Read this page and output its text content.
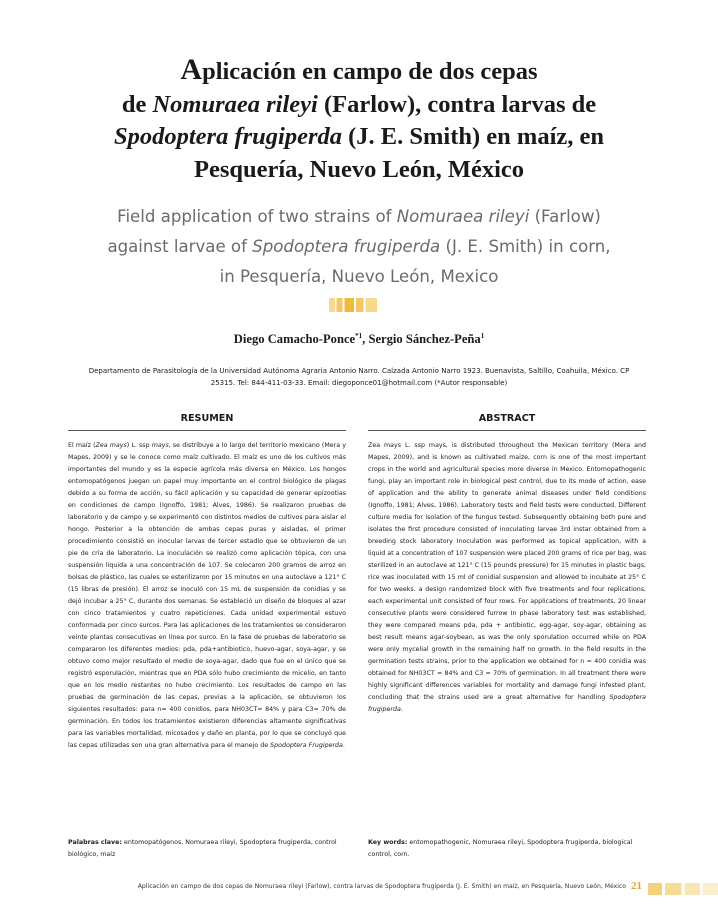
Aplicación en campo de dos cepas
de Nomuraea rileyi (Farlow), contra larvas de
Spodoptera frugiperda (J. E. Smith) en maíz, en
Pesquería, Nuevo León, México
Field application of two strains of Nomuraea rileyi (Farlow)
against larvae of Spodoptera frugiperda (J. E. Smith) in corn,
in Pesquería, Nuevo León, Mexico
Diego Camacho-Ponce$^{*1}$, Sergio Sánchez-Peña$^1$
Departamento de Parasitología de la Universidad Autónoma Agraria Antonio Narro. Calzada Antonio Narro 1923. Buenavista, Saltillo, Coahuila, México. CP
25315. Tel: 844-411-03-33. Email: diegoponce01@hotmail.com (*Autor responsable)
RESUMEN	ABSTRACT
El maíz (Zea mays) L. ssp mays, se distribuye a lo largo del territorio mexicano (Mera y Mapes, 2009) y se le conoce como maíz cultivado. El maíz es uno de los cultivos más importantes del mundo y es la especie agrícola más diversa en México. Los hongos entomopatógenos juegan un papel muy importante en el control biológico de plagas debido a su forma de acción, su fácil aplicación y su capacidad de generar epizootias en condiciones de campo (Ignoffo, 1981; Alves, 1986). Se realizaron pruebas de laboratorio y de campo y se experimentó con distintos medios de cultivos para aislar el hongo. Posterior a la obtención de ambas cepas puras y aisladas, el primer procedimiento consistió en inocular larvas de tercer estadio que se obtuvieron de un pie de cría de laboratorio. La inoculación se realizó como aplicación tópica, con una suspensión líquida a una concentración de 107. Se colocaron 200 gramos de arroz en bolsas de plástico, las cuales se esterilizaron por 15 minutos en una autoclave a 121° C (15 libras de presión). El arroz se inoculó con 15 mL de suspensión de conidias y se dejó incubar a 25° C, durante dos semanas. Se estableció un diseño de bloques al azar con cinco tratamientos y cuatro repeticiones. Cada unidad experimental estuvo conformada por cinco surcos. Para las aplicaciones de los tratamientos se consideraron veinte plantas consecutivas en línea por surco. En la fase de pruebas de laboratorio se compararon los diferentes medios: pda, pda+antibiotico, huevo-agar, soya-agar, y se obtuvo como mejor resultado el medio de soya-agar, dado que fue en el único que se registró esporulación, mientras que en PDA sólo hubo crecimiento de micelio, en tanto que en los medio restantes no hubo crecimiento. Los resultados de campo en las pruebas de germinación de las cepas, previas a la aplicación, se obtuvieron los siguientes resultados: para n= 400 conidios, para NH03CT= 84% y para C3= 70% de germinación. En todos los tratamientos existieron diferencias altamente significativas para las variables mortalidad, micosados y daño en planta, por lo que se concluyó que las cepas utilizadas son una gran alternativa para el manejo de Spodoptera Frugiperda.
Zea mays L. ssp mays, is distributed throughout the Mexican territory (Mera and Mapes, 2009), and is known as cultivated maize, corn is one of the most important crops in the world and agricultural species more diverse in Mexico. Entomopathogenic fungi, play an important role in biological pest control, due to its mode of action, ease of application and the ability to generate animal diseases under field conditions (Ignoffo, 1981; Alves, 1986). Laboratory tests and field tests were conducted. Different culture media for isolation of the fungus tested. Subsequently obtaining both pure and isolates the first procedure consisted of inoculating larvae 3rd instar obtained from a breeding stock laboratory Inoculation was performed as topical application, with a liquid at a concentration of 107 suspension were placed 200 grams of rice per bag, was sterilized in an autoclave at 121° C (15 pounds pressure) for 15 minutes in plastic bags, rice was inoculated with 15 ml of conidial suspension and allowed to incubate at 25° C for two weeks. a design randomized block with five treatments and four replications, each experimental unit consisted of four rows. For applications of treatments, 20 linear consecutive plants were considered furrow In phase laboratory test was established, they were compared means pda, pda + antibiotic, egg-agar, soy-agar, obtaining as best result means agar-soybean, as was the only sporulation occurred while on PDA were only mycelial growth in the remaining half no growth. In the field results in the germination tests strains, prior to the application we obtained for n = 400 conidia was obtained for NH03CT = 84% and C3 = 70% of germination. In all treatment there were highly significant differences variables for mortality and damage fungi infested plant, concluding that the strains used are a great alternative for handling Spodoptera frugiperda.
Palabras clave: entomopatógenos, Nomuraea rileyi, Spodoptera frugiperda, control biológico, maíz
Key words: entomopathogenic, Nomuraea rileyi, Spodoptera frugiperda, biological control, corn.
Aplicación en campo de dos cepas de Nomuraea rileyi (Farlow), contra larvas de Spodoptera frugiperda (J. E. Smith) en maíz, en Pesquería, Nuevo León, México 21
